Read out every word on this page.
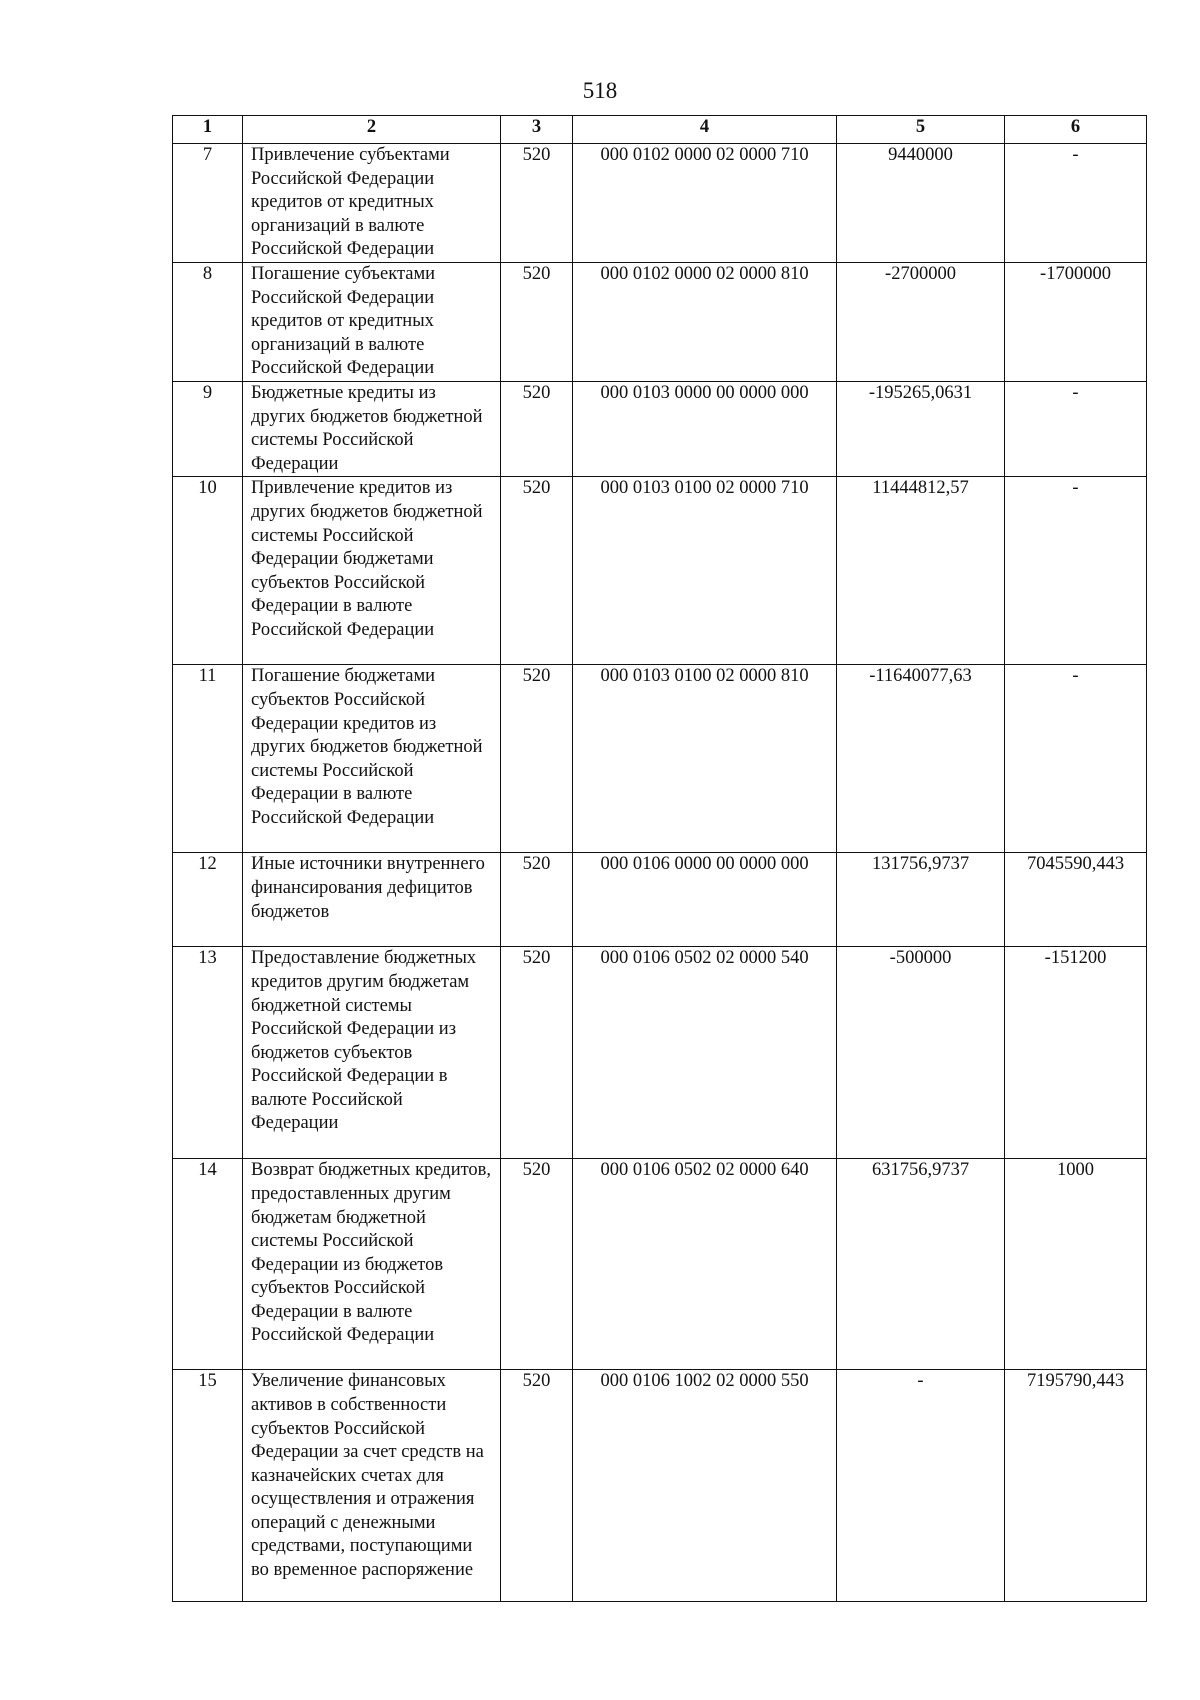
518
1	2	3	4	5	6
7	Привлечение субъектами Российской Федерации кредитов от кредитных организаций в валюте Российской Федерации	520	000 0102 0000 02 0000 710	9440000	-
8	Погашение субъектами Российской Федерации кредитов от кредитных организаций в валюте Российской Федерации	520	000 0102 0000 02 0000 810	-2700000	-1700000
9	Бюджетные кредиты из других бюджетов бюджетной системы Российской Федерации	520	000 0103 0000 00 0000 000	-195265,0631	-
10	Привлечение кредитов из других бюджетов бюджетной системы Российской Федерации бюджетами субъектов Российской Федерации в валюте Российской Федерации	520	000 0103 0100 02 0000 710	11444812,57	-
11	Погашение бюджетами субъектов Российской Федерации кредитов из других бюджетов бюджетной системы Российской Федерации в валюте Российской Федерации	520	000 0103 0100 02 0000 810	-11640077,63	-
12	Иные источники внутреннего финансирования дефицитов бюджетов	520	000 0106 0000 00 0000 000	131756,9737	7045590,443
13	Предоставление бюджетных кредитов другим бюджетам бюджетной системы Российской Федерации из бюджетов субъектов Российской Федерации в валюте Российской Федерации	520	000 0106 0502 02 0000 540	-500000	-151200
14	Возврат бюджетных кредитов, предоставленных другим бюджетам бюджетной системы Российской Федерации из бюджетов субъектов Российской Федерации в валюте Российской Федерации	520	000 0106 0502 02 0000 640	631756,9737	1000
15	Увеличение финансовых активов в собственности субъектов Российской Федерации за счет средств на казначейских счетах для осуществления и отражения операций с денежными средствами, поступающими во временное распоряжение	520	000 0106 1002 02 0000 550	-	7195790,443
